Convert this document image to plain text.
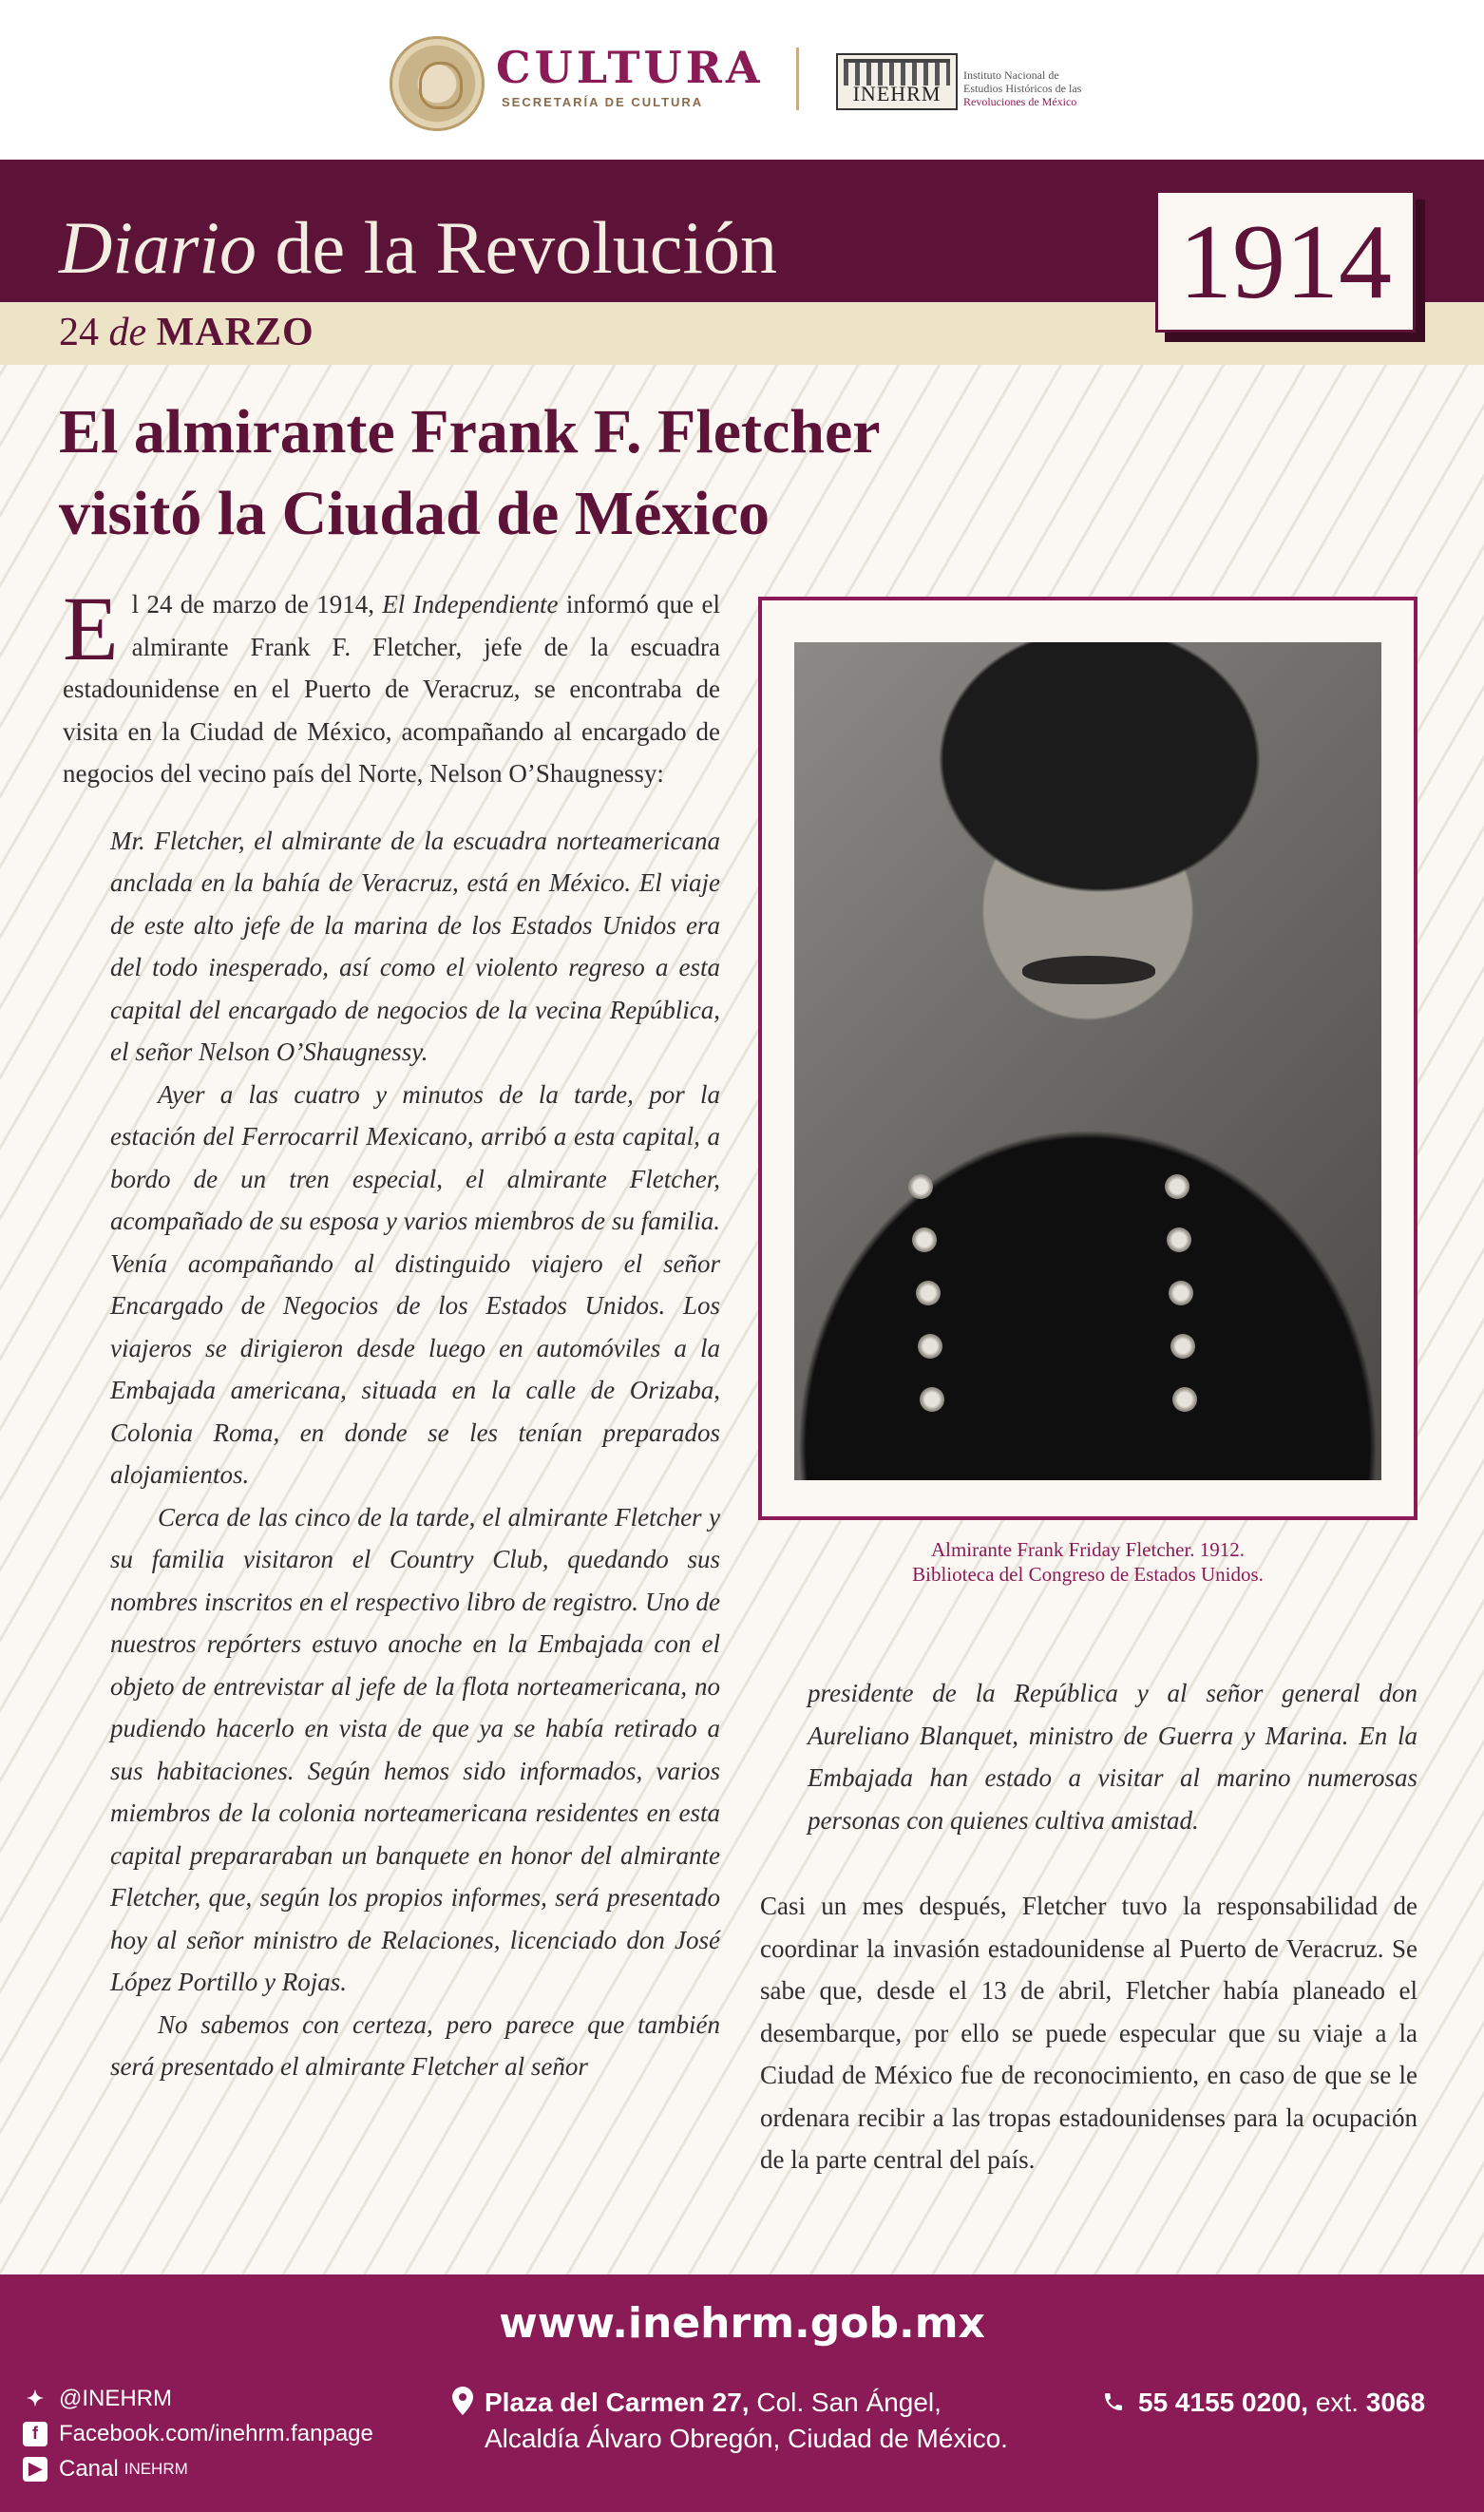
CULTURA
SECRETARÍA DE CULTURA	INEHRM
Instituto Nacional de
Estudios Históricos de las
Revoluciones de México
Diario de la Revolución
24 de MARZO
1914
El almirante Frank F. Fletcher
visitó la Ciudad de México

El 24 de marzo de 1914, El Independiente informó que el almirante Frank F. Fletcher, jefe de la escuadra estadounidense en el Puerto de Veracruz, se encontraba de visita en la Ciudad de México, acompañando al encargado de negocios del vecino país del Norte, Nelson O’Shaugnessy:

Mr. Fletcher, el almirante de la escuadra norteamericana anclada en la bahía de Veracruz, está en México. El viaje de este alto jefe de la marina de los Estados Unidos era del todo inesperado, así como el violento regreso a esta capital del encargado de negocios de la vecina República, el señor Nelson O’Shaugnessy.

Ayer a las cuatro y minutos de la tarde, por la estación del Ferrocarril Mexicano, arribó a esta capital, a bordo de un tren especial, el almirante Fletcher, acompañado de su esposa y varios miembros de su familia. Venía acompañando al distinguido viajero el señor Encargado de Negocios de los Estados Unidos. Los viajeros se dirigieron desde luego en automóviles a la Embajada americana, situada en la calle de Orizaba, Colonia Roma, en donde se les tenían preparados alojamientos.

Cerca de las cinco de la tarde, el almirante Fletcher y su familia visitaron el Country Club, quedando sus nombres inscritos en el respectivo libro de registro. Uno de nuestros repórters estuvo anoche en la Embajada con el objeto de entrevistar al jefe de la flota norteamericana, no pudiendo hacerlo en vista de que ya se había retirado a sus habitaciones. Según hemos sido informados, varios miembros de la colonia norteamericana residentes en esta capital prepararaban un banquete en honor del almirante Fletcher, que, según los propios informes, será presentado hoy al señor ministro de Relaciones, licenciado don José López Portillo y Rojas.

No sabemos con certeza, pero parece que también será presentado el almirante Fletcher al señor

Almirante Frank Friday Fletcher. 1912.
Biblioteca del Congreso de Estados Unidos.

presidente de la República y al señor general don Aureliano Blanquet, ministro de Guerra y Marina. En la Embajada han estado a visitar al marino numerosas personas con quienes cultiva amistad.

Casi un mes después, Fletcher tuvo la responsabilidad de coordinar la invasión estadounidense al Puerto de Veracruz. Se sabe que, desde el 13 de abril, Fletcher había planeado el desembarque, por ello se puede especular que su viaje a la Ciudad de México fue de reconocimiento, en caso de que se le ordenara recibir a las tropas estadounidenses para la ocupación de la parte central del país.

www.inehrm.gob.mx
✦ @INEHRM
f Facebook.com/inehrm.fanpage
▶ Canal INEHRM
Plaza del Carmen 27, Col. San Ángel,
Alcaldía Álvaro Obregón, Ciudad de México.
55 4155 0200, ext. 3068
